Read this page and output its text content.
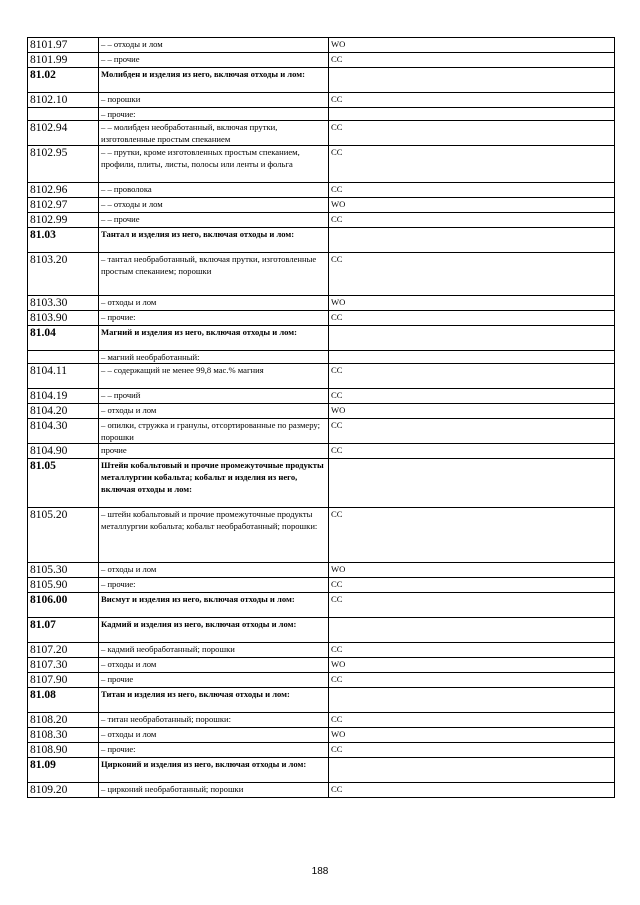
8101.97	– – отходы и лом	WO
8101.99	– – прочие	CC
81.02	Молибден и изделия из него, включая отходы и лом:	
8102.10	– порошки	CC
	– прочие:	
8102.94	– – молибден необработанный, включая прутки, изготовленные простым спеканием	CC
8102.95	– – прутки, кроме изготовленных простым спеканием, профили, плиты, листы, полосы или ленты и фольга	CC
8102.96	– – проволока	CC
8102.97	– – отходы и лом	WO
8102.99	– – прочие	CC
81.03	Тантал и изделия из него, включая отходы и лом:	
8103.20	– тантал необработанный, включая прутки, изготовленные простым спеканием; порошки	CC
8103.30	– отходы и лом	WO
8103.90	– прочие:	CC
81.04	Магний и изделия из него, включая отходы и лом:	
	– магний необработанный:	
8104.11	– – содержащий не менее 99,8 мас.% магния	CC
8104.19	– – прочий	CC
8104.20	– отходы и лом	WO
8104.30	– опилки, стружка и гранулы, отсортированные по размеру; порошки	CC
8104.90	прочие	CC
81.05	Штейн кобальтовый и прочие промежуточные продукты металлургии кобальта; кобальт и изделия из него, включая отходы и лом:	
8105.20	– штейн кобальтовый и прочие промежуточные продукты металлургии кобальта; кобальт необработанный; порошки:	CC
8105.30	– отходы и лом	WO
8105.90	– прочие:	CC
8106.00	Висмут и изделия из него, включая отходы и лом:	CC
81.07	Кадмий и изделия из него, включая отходы и лом:	
8107.20	– кадмий необработанный; порошки	CC
8107.30	– отходы и лом	WO
8107.90	– прочие	CC
81.08	Титан и изделия из него, включая отходы и лом:	
8108.20	– титан необработанный; порошки:	CC
8108.30	– отходы и лом	WO
8108.90	– прочие:	CC
81.09	Цирконий и изделия из него, включая отходы и лом:	
8109.20	– цирконий необработанный; порошки	CC
188
